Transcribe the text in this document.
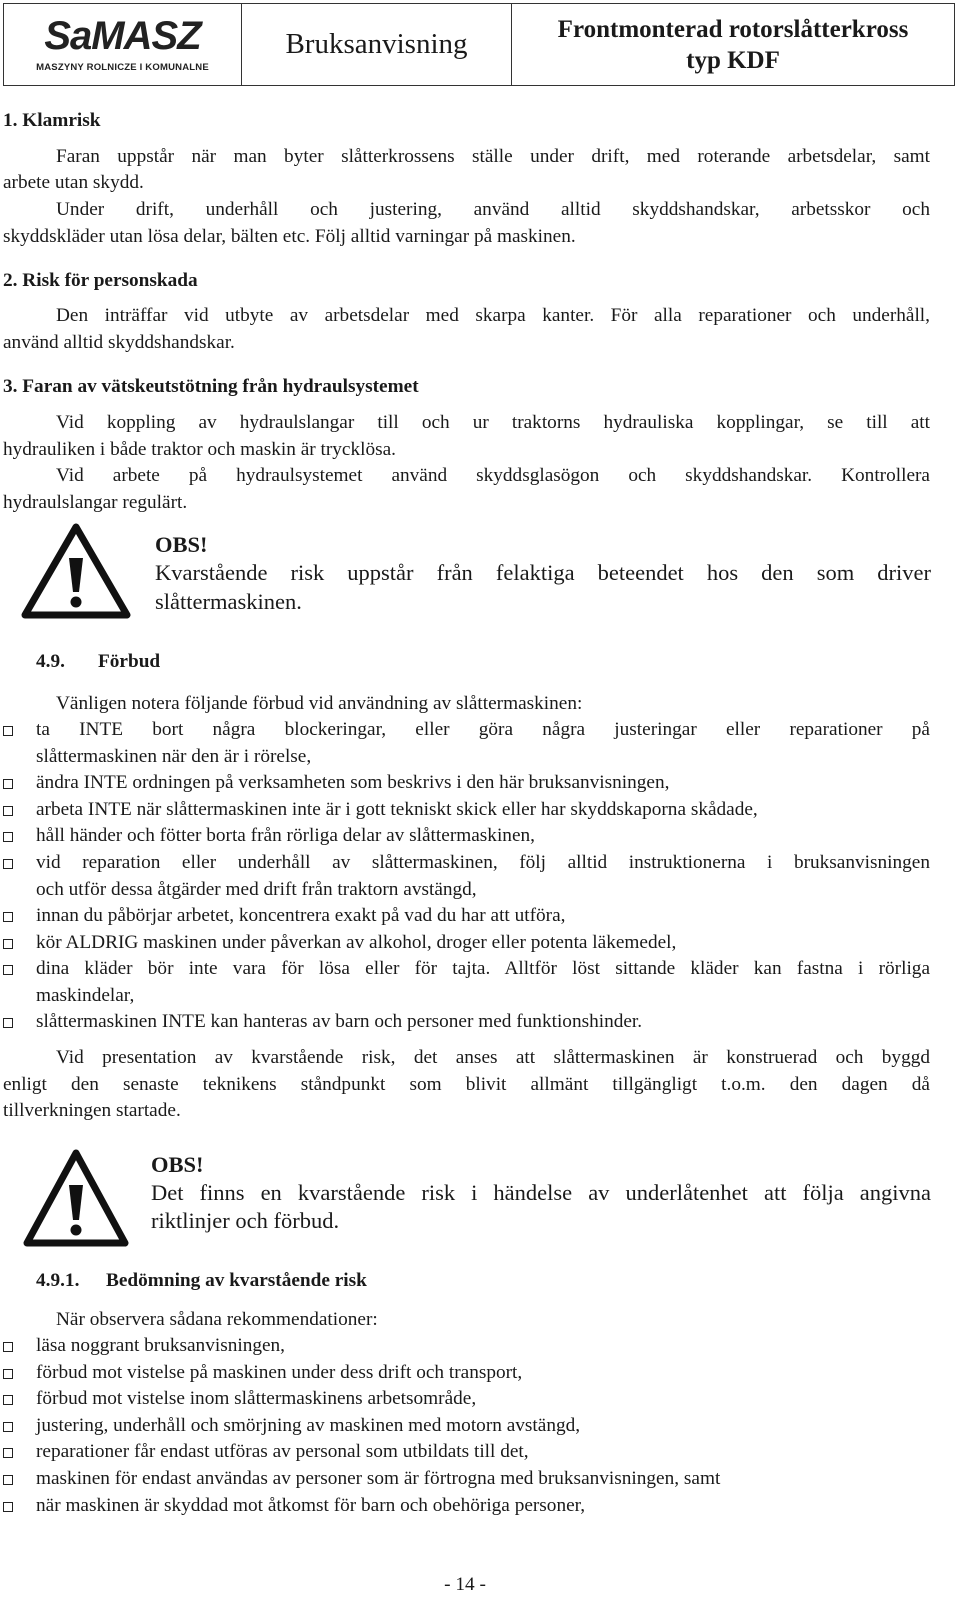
SaMASZ
MASZYNY ROLNICZE I KOMUNALNE
Bruksanvisning	Frontmonterad rotorslåtterkross
typ KDF
1. Klamrisk
Faran uppstår när man byter slåtterkrossens ställe under drift, med roterande arbetsdelar, samt
arbete utan skydd.
Under drift, underhåll och justering, använd alltid skyddshandskar, arbetsskor och
skyddskläder utan lösa delar, bälten etc. Följ alltid varningar på maskinen.
2. Risk för personskada
Den inträffar vid utbyte av arbetsdelar med skarpa kanter. För alla reparationer och underhåll,
använd alltid skyddshandskar.
3. Faran av vätskeutstötning från hydraulsystemet
Vid koppling av hydraulslangar till och ur traktorns hydrauliska kopplingar, se till att
hydrauliken i både traktor och maskin är trycklösa.
Vid arbete på hydraulsystemet använd skyddsglasögon och skyddshandskar. Kontrollera
hydraulslangar regulärt.
OBS!
Kvarstående risk uppstår från felaktiga beteendet hos den som driver
slåttermaskinen.
4.9. Förbud
Vänligen notera följande förbud vid användning av slåttermaskinen:
ta INTE bort några blockeringar, eller göra några justeringar eller reparationer på
slåttermaskinen när den är i rörelse,
ändra INTE ordningen på verksamheten som beskrivs i den här bruksanvisningen,
arbeta INTE när slåttermaskinen inte är i gott tekniskt skick eller har skyddskaporna skådade,
håll händer och fötter borta från rörliga delar av slåttermaskinen,
vid reparation eller underhåll av slåttermaskinen, följ alltid instruktionerna i bruksanvisningen
och utför dessa åtgärder med drift från traktorn avstängd,
innan du påbörjar arbetet, koncentrera exakt på vad du har att utföra,
kör ALDRIG maskinen under påverkan av alkohol, droger eller potenta läkemedel,
dina kläder bör inte vara för lösa eller för tajta. Alltför löst sittande kläder kan fastna i rörliga
maskindelar,
slåttermaskinen INTE kan hanteras av barn och personer med funktionshinder.
Vid presentation av kvarstående risk, det anses att slåttermaskinen är konstruerad och byggd
enligt den senaste teknikens ståndpunkt som blivit allmänt tillgängligt t.o.m. den dagen då
tillverkningen startade.
OBS!
Det finns en kvarstående risk i händelse av underlåtenhet att följa angivna
riktlinjer och förbud.
4.9.1. Bedömning av kvarstående risk
När observera sådana rekommendationer:
läsa noggrant bruksanvisningen,
förbud mot vistelse på maskinen under dess drift och transport,
förbud mot vistelse inom slåttermaskinens arbetsområde,
justering, underhåll och smörjning av maskinen med motorn avstängd,
reparationer får endast utföras av personal som utbildats till det,
maskinen för endast användas av personer som är förtrogna med bruksanvisningen, samt
när maskinen är skyddad mot åtkomst för barn och obehöriga personer,
- 14 -
